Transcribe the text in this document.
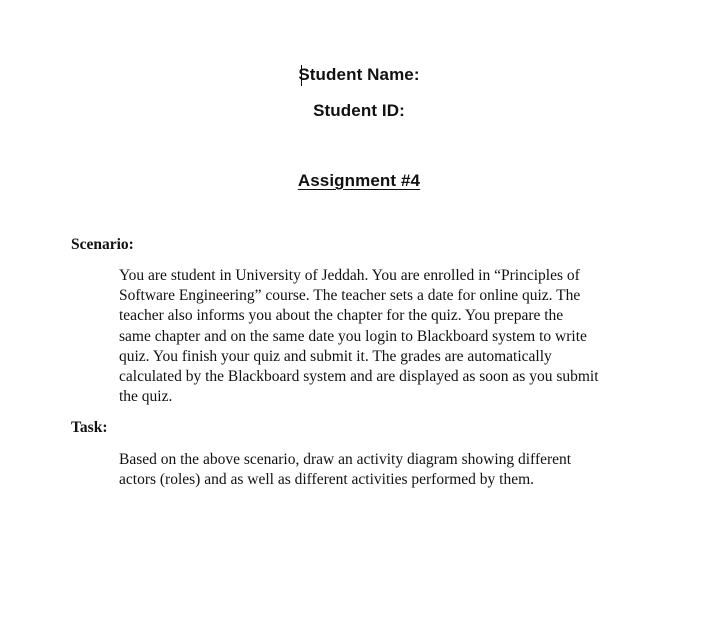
Student Name:
Student ID:
Assignment #4
Scenario:
You are student in University of Jeddah. You are enrolled in “Principles of
Software Engineering” course. The teacher sets a date for online quiz. The
teacher also informs you about the chapter for the quiz. You prepare the
same chapter and on the same date you login to Blackboard system to write
quiz. You finish your quiz and submit it. The grades are automatically
calculated by the Blackboard system and are displayed as soon as you submit
the quiz.
Task:
Based on the above scenario, draw an activity diagram showing different
actors (roles) and as well as different activities performed by them.
